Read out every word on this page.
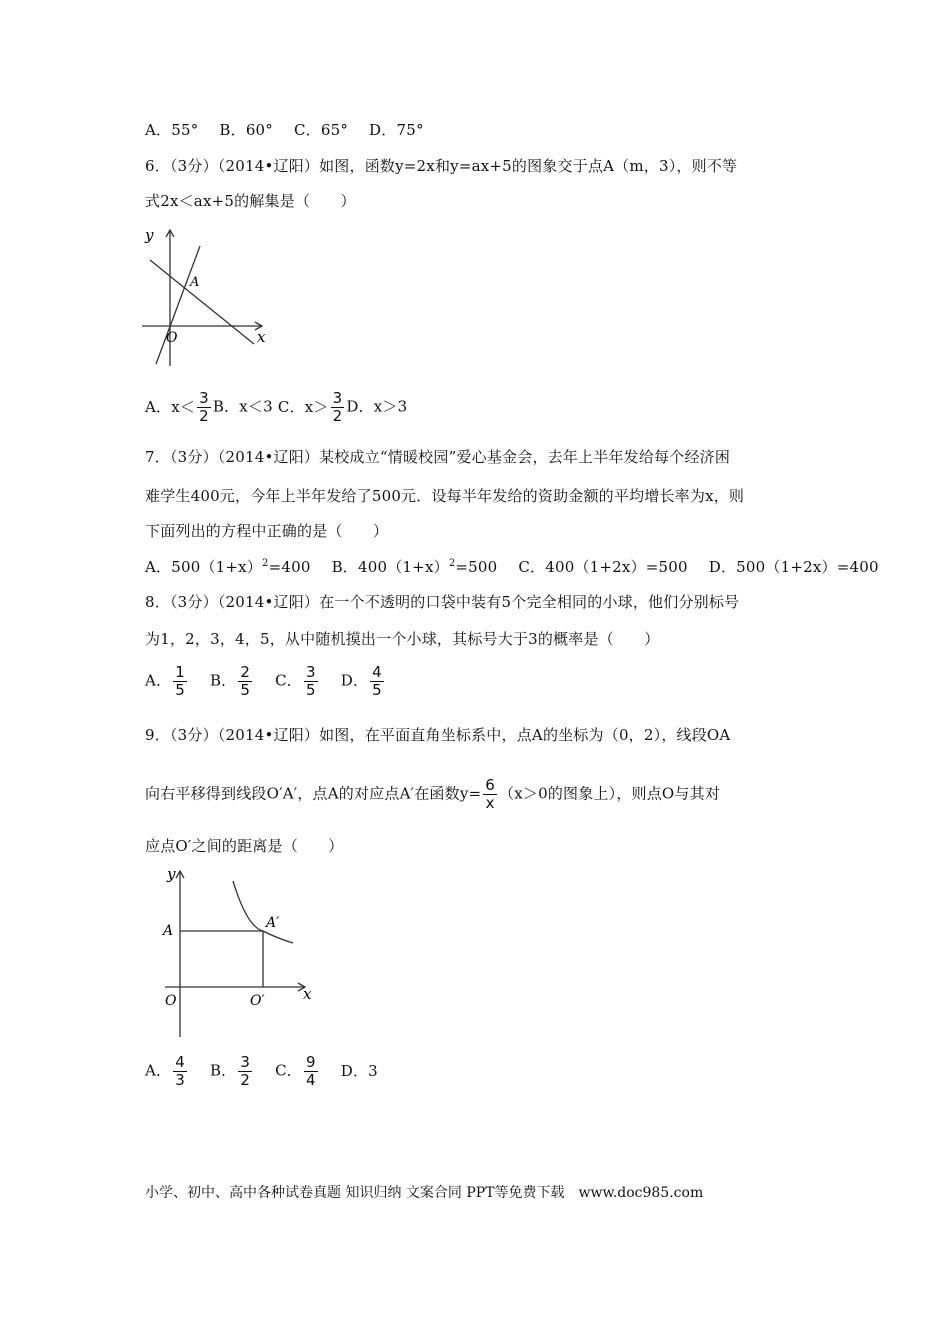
A．55° B．60° C．65° D．75°
6．（3分）（2014•辽阳）如图，函数y=2x和y=ax+5的图象交于点A（m，3），则不等
式2x＜ax+5的解集是（　　）
y
x
O
A
A．$x< \frac{3}{2}$ B．x＜3 C．$x> \frac{3}{2}$ D．x＞3
7．（3分）（2014•辽阳）某校成立“情暖校园”爱心基金会，去年上半年发给每个经济困
难学生400元，今年上半年发给了500元．设每半年发给的资助金额的平均增长率为x，则
下面列出的方程中正确的是（　　）
A．$500(1+x)^2=400$ B．$400(1+x)^2=500$ C．400（1+2x）=500 D．500（1+2x）=400
8．（3分）（2014•辽阳）在一个不透明的口袋中装有5个完全相同的小球，他们分别标号
为1，2，3，4，5，从中随机摸出一个小球，其标号大于3的概率是（　　）
A． $\frac{1}{5}$ B． $\frac{2}{5}$ C． $\frac{3}{5}$ D． $\frac{4}{5}$
9．（3分）（2014•辽阳）如图，在平面直角坐标系中，点A的坐标为（0，2），线段OA
向右平移得到线段O′A′，点A的对应点A′在函数$y= \frac{6}{x} (x>0$的图象上），则点O与其对
应点O′之间的距离是（　　）
y
x
A	A′
O	O′
A． $\frac{4}{3}$ B． $\frac{3}{2}$ C． $\frac{9}{4}$ D．3
小学、初中、高中各种试卷真题 知识归纳 文案合同 PPT等免费下载　www.doc985.com
